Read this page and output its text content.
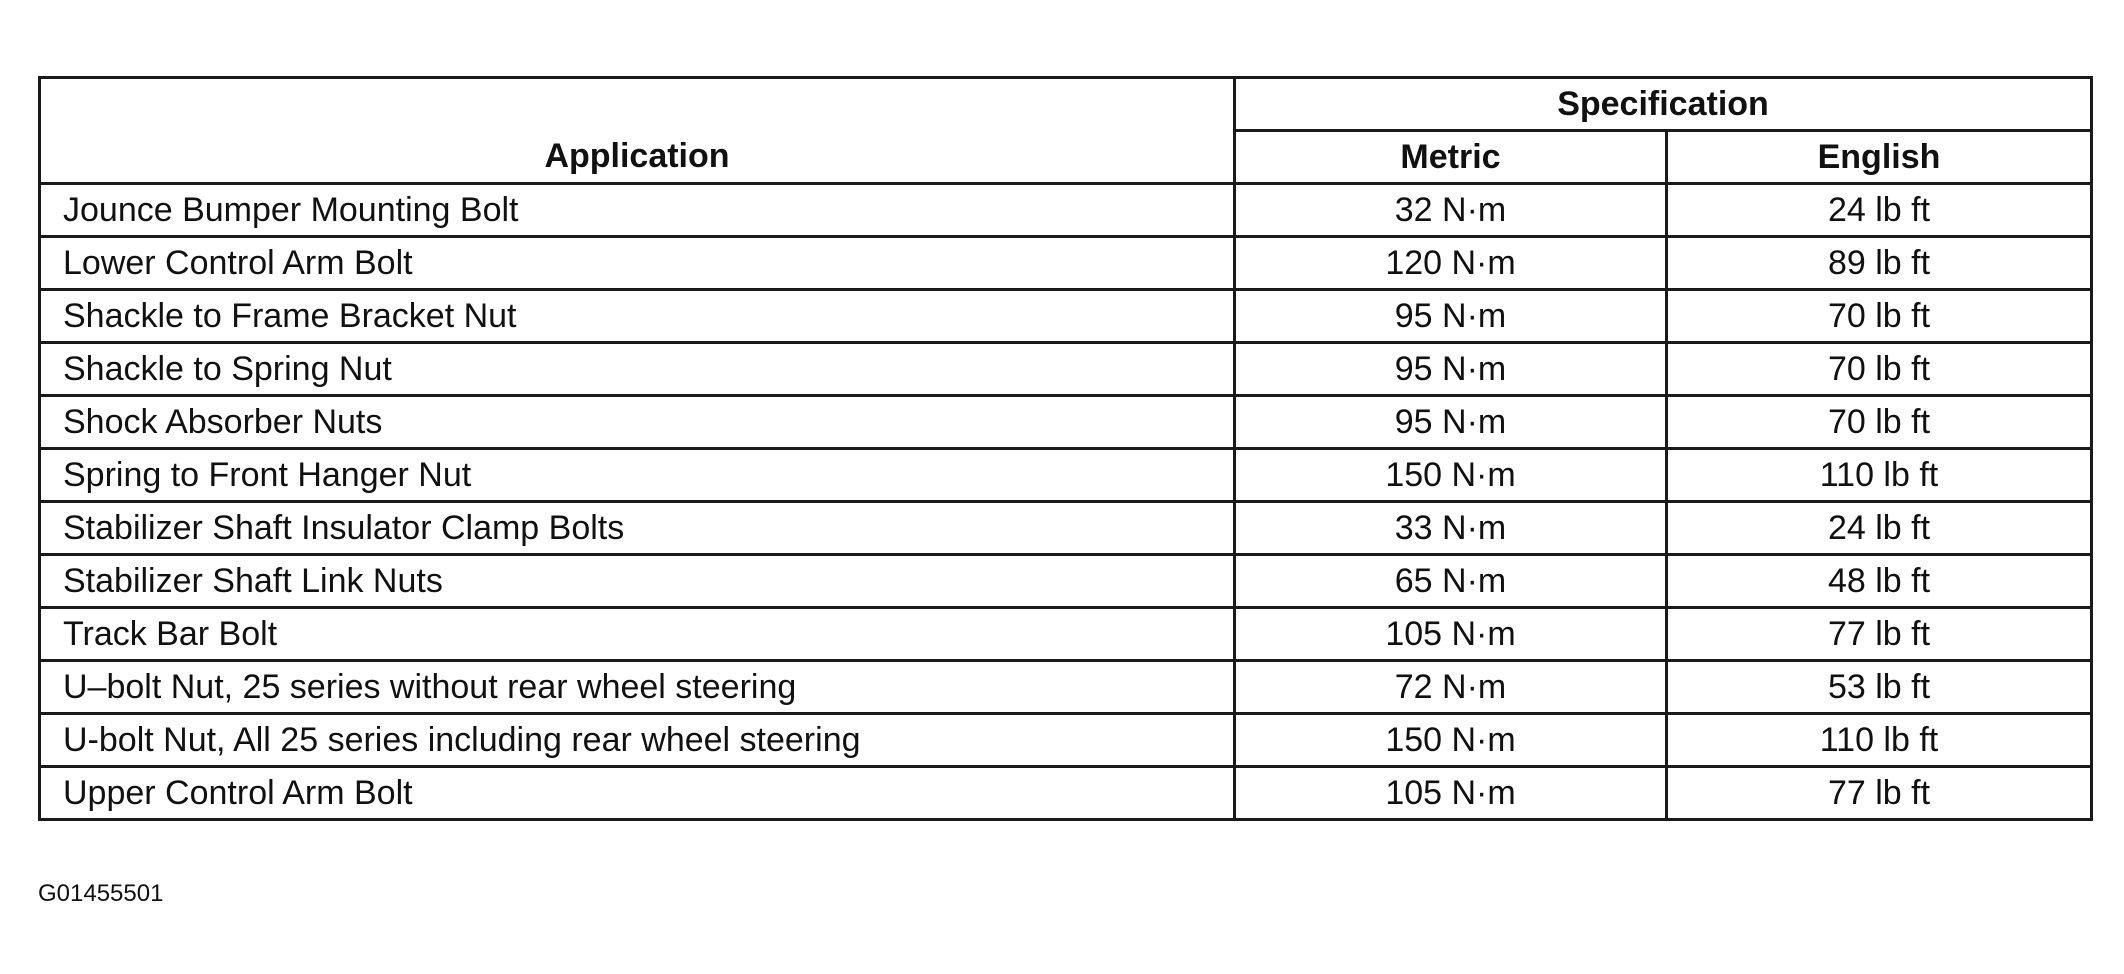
Application	Specification	
	Metric	English
Jounce Bumper Mounting Bolt	32 N·m	24 lb ft
Lower Control Arm Bolt	120 N·m	89 lb ft
Shackle to Frame Bracket Nut	95 N·m	70 lb ft
Shackle to Spring Nut	95 N·m	70 lb ft
Shock Absorber Nuts	95 N·m	70 lb ft
Spring to Front Hanger Nut	150 N·m	110 lb ft
Stabilizer Shaft Insulator Clamp Bolts	33 N·m	24 lb ft
Stabilizer Shaft Link Nuts	65 N·m	48 lb ft
Track Bar Bolt	105 N·m	77 lb ft
U–bolt Nut, 25 series without rear wheel steering	72 N·m	53 lb ft
U-bolt Nut, All 25 series including rear wheel steering	150 N·m	110 lb ft
Upper Control Arm Bolt	105 N·m	77 lb ft
G01455501
